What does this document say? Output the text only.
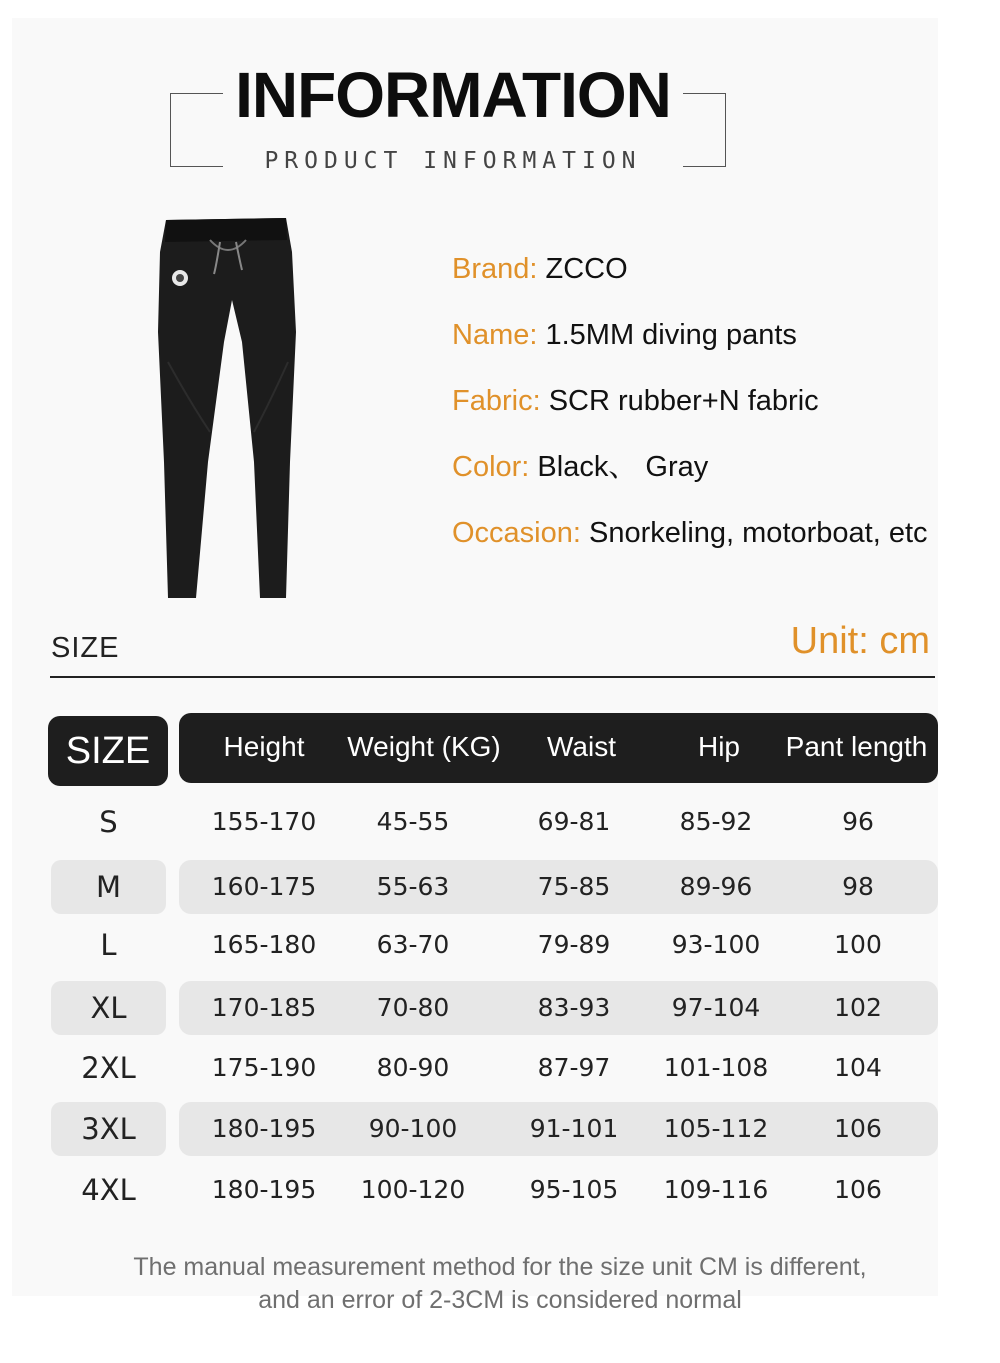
INFORMATION
PRODUCT INFORMATION
Brand: ZCCO
Name: 1.5MM diving pants
Fabric: SCR rubber+N fabric
Color: Black、 Gray
Occasion: Snorkeling, motorboat, etc
SIZE	Unit: cm
SIZE	Height	Weight (KG)	Waist	Hip	Pant length
S	155-170	45-55	69-81	85-92	96
M	160-175	55-63	75-85	89-96	98
L	165-180	63-70	79-89	93-100	100
XL	170-185	70-80	83-93	97-104	102
2XL	175-190	80-90	87-97	101-108	104
3XL	180-195	90-100	91-101	105-112	106
4XL	180-195	100-120	95-105	109-116	106
The manual measurement method for the size unit CM is different,
and an error of 2-3CM is considered normal
